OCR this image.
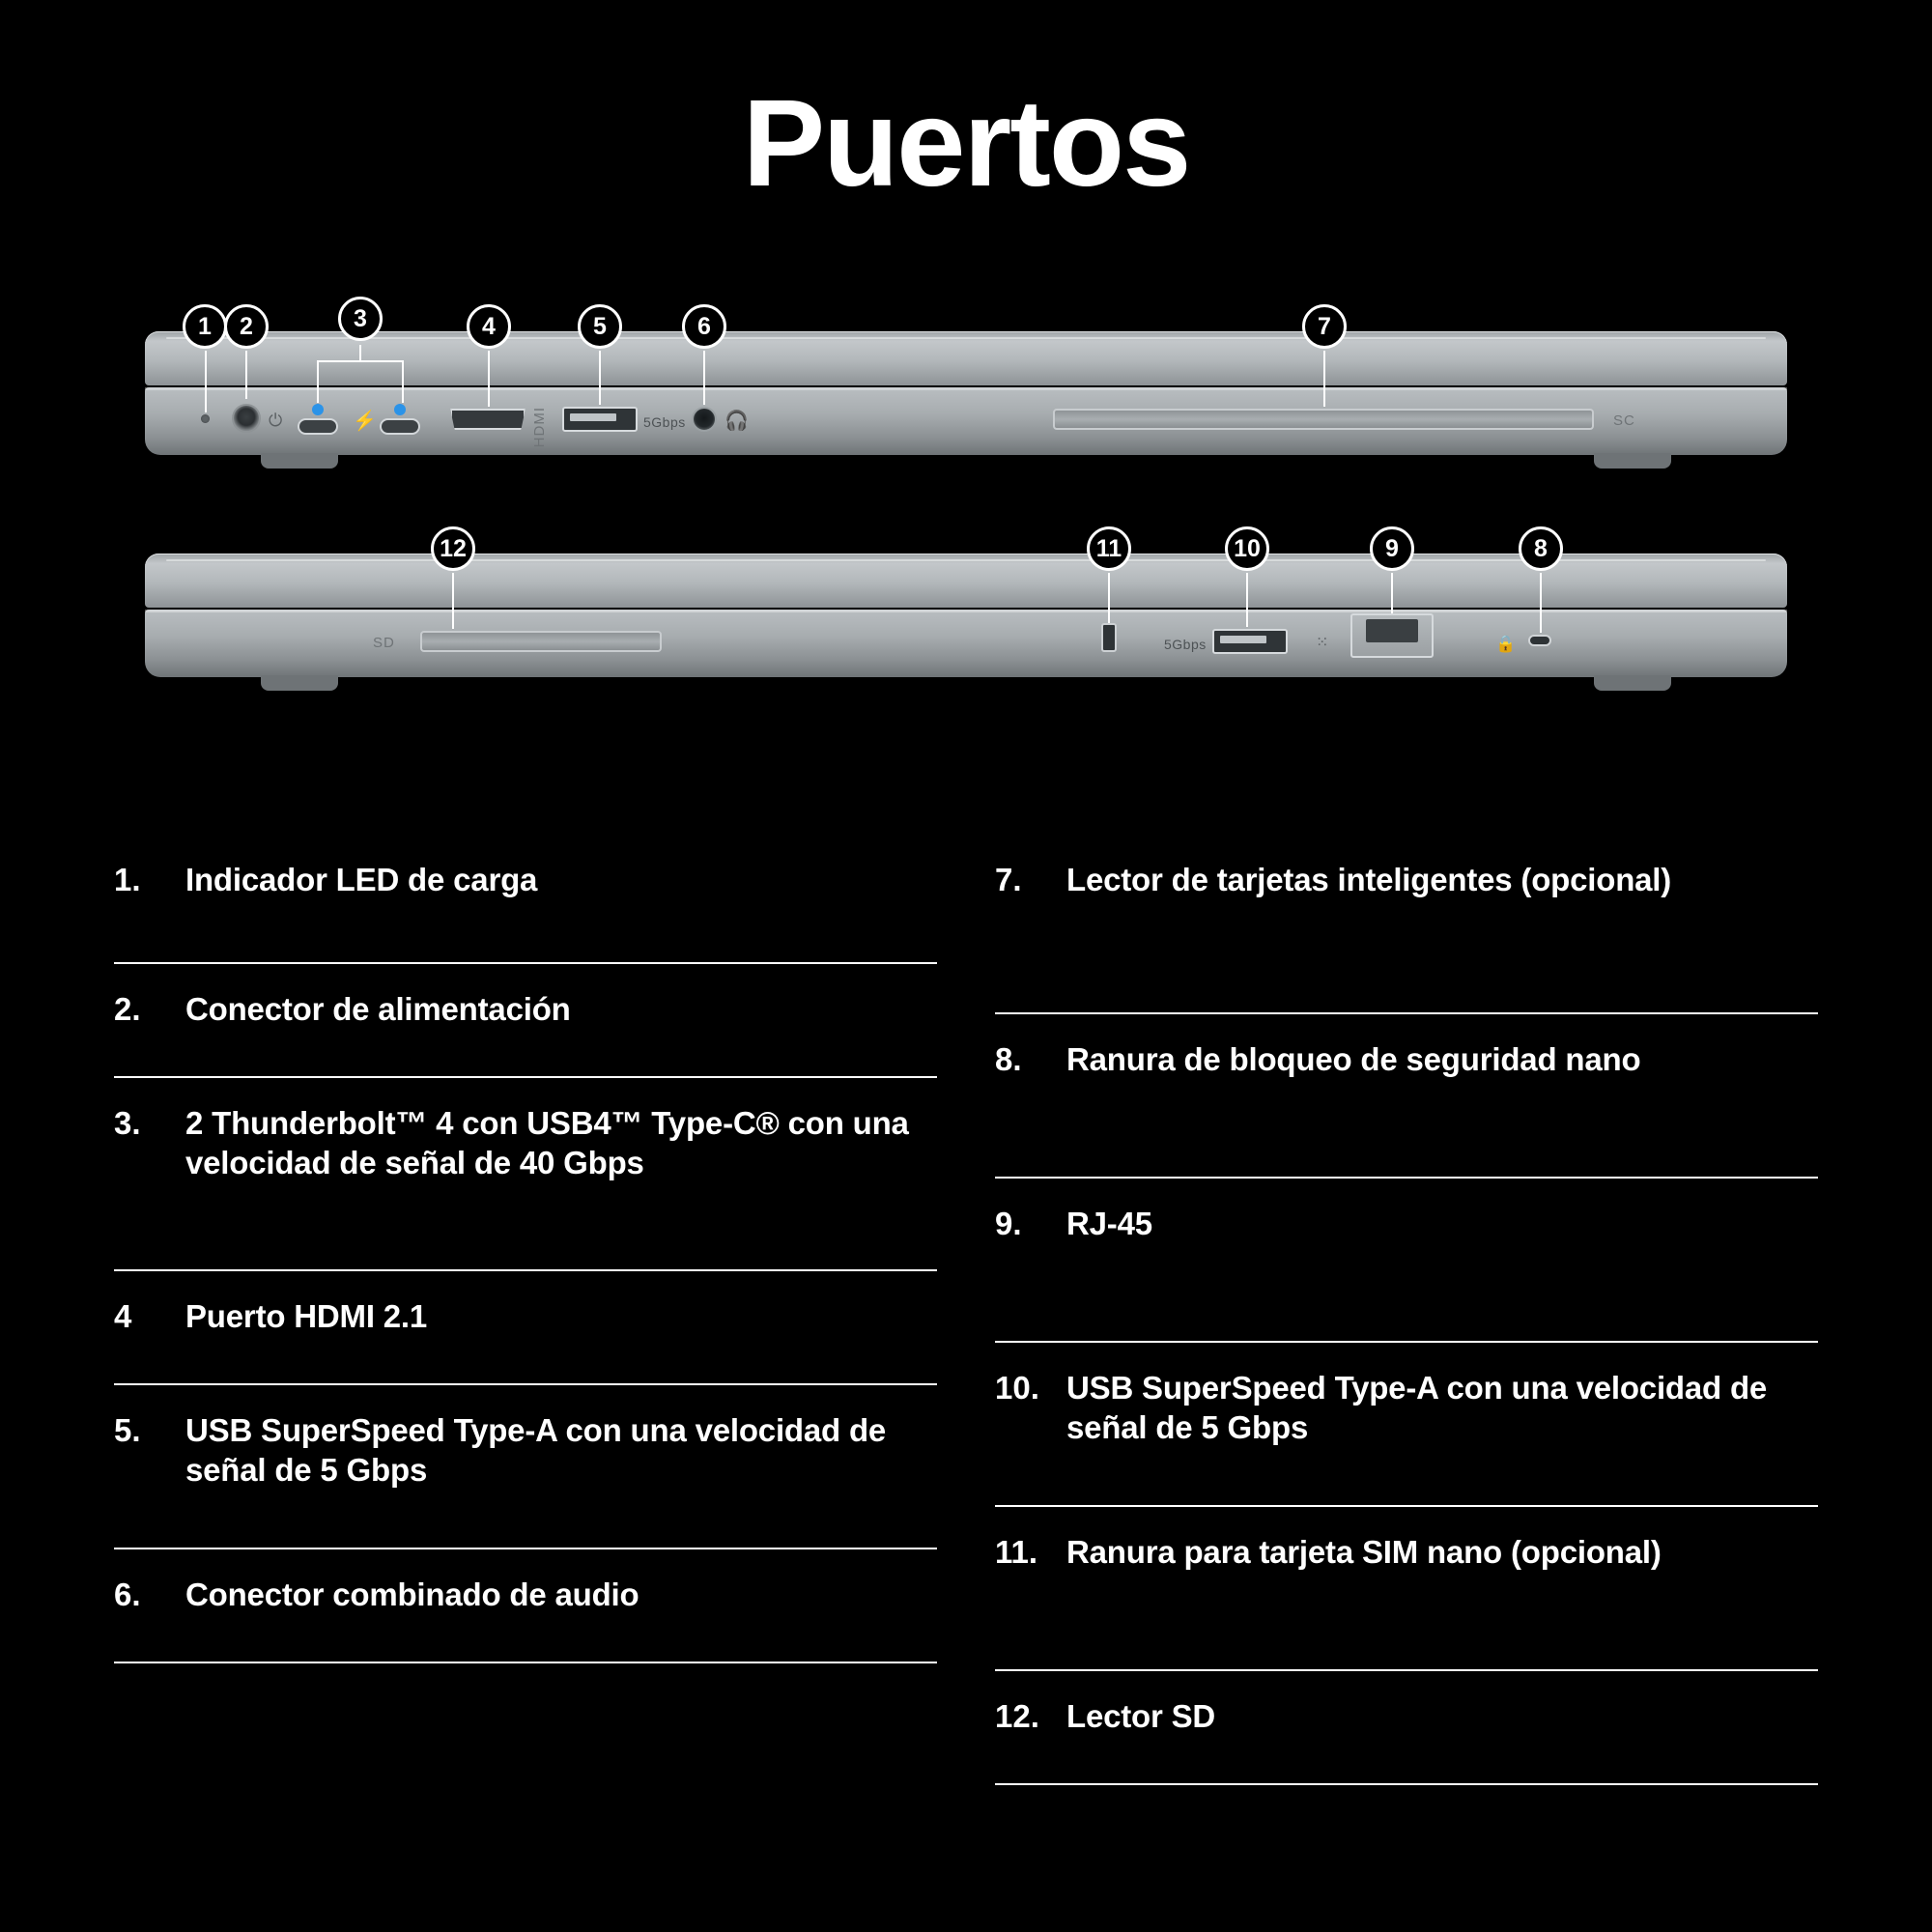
Puertos
⏻	⚡	HDMI	5Gbps 🎧	SC
1	2	3	4	5	6	7
SD	5Gbps	⁙	🔒
12	11	10	9	8
1.	Indicador LED de carga
2.	Conector de alimentación
3.	2 Thunderbolt™ 4 con USB4™ Type-C® con una velocidad de señal de 40 Gbps
4	Puerto HDMI 2.1
5.	USB SuperSpeed Type-A con una velocidad de señal de 5 Gbps
6.	Conector combinado de audio
7.	Lector de tarjetas inteligentes (opcional)
8.	Ranura de bloqueo de seguridad nano
9.	RJ-45
10. USB SuperSpeed Type-A con una velocidad de señal de 5 Gbps
11. Ranura para tarjeta SIM nano (opcional)
12. Lector SD
